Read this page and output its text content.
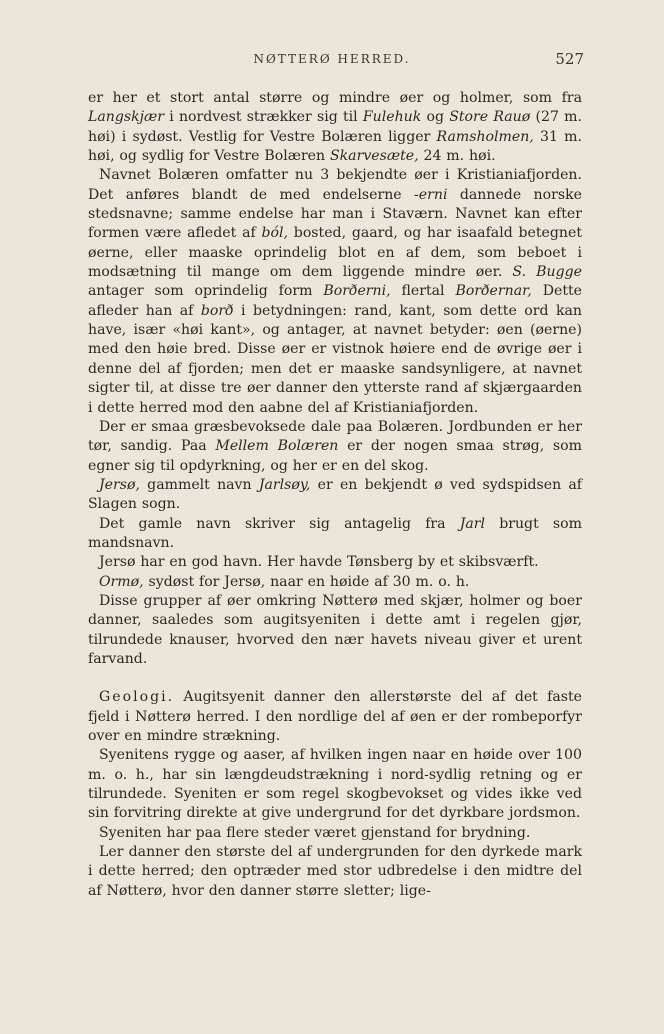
NØTTERØ HERRED.	527

er her et stort antal større og mindre øer og holmer, som fra Langskjær i nordvest strækker sig til Fulehuk og Store Rauø (27 m. høi) i sydøst. Vestlig for Vestre Bolæren ligger Ramsholmen, 31 m. høi, og sydlig for Vestre Bolæren Skarvesæte, 24 m. høi.

Navnet Bolæren omfatter nu 3 bekjendte øer i Kristianiafjorden. Det anføres blandt de med endelserne -erni dannede norske stedsnavne; samme endelse har man i Staværn. Navnet kan efter formen være afledet af ból, bosted, gaard, og har isaafald betegnet øerne, eller maaske oprindelig blot en af dem, som beboet i modsætning til mange om dem liggende mindre øer. S. Bugge antager som oprindelig form Borðerni, flertal Borðernar, Dette afleder han af borð i betydningen: rand, kant, som dette ord kan have, især «høi kant», og antager, at navnet betyder: øen (øerne) med den høie bred. Disse øer er vistnok høiere end de øvrige øer i denne del af fjorden; men det er maaske sandsynligere, at navnet sigter til, at disse tre øer danner den ytterste rand af skjærgaarden i dette herred mod den aabne del af Kristianiafjorden.

Der er smaa græsbevoksede dale paa Bolæren. Jordbunden er her tør, sandig. Paa Mellem Bolæren er der nogen smaa strøg, som egner sig til opdyrkning, og her er en del skog.

Jersø, gammelt navn Jarlsøy, er en bekjendt ø ved sydspidsen af Slagen sogn.

Det gamle navn skriver sig antagelig fra Jarl brugt som mandsnavn.

Jersø har en god havn. Her havde Tønsberg by et skibsværft.

Ormø, sydøst for Jersø, naar en høide af 30 m. o. h.

Disse grupper af øer omkring Nøtterø med skjær, holmer og boer danner, saaledes som augitsyeniten i dette amt i regelen gjør, tilrundede knauser, hvorved den nær havets niveau giver et urent farvand.

Geologi. Augitsyenit danner den allerstørste del af det faste fjeld i Nøtterø herred. I den nordlige del af øen er der rombeporfyr over en mindre strækning.

Syenitens rygge og aaser, af hvilken ingen naar en høide over 100 m. o. h., har sin længdeudstrækning i nord-sydlig retning og er tilrundede. Syeniten er som regel skogbevokset og vides ikke ved sin forvitring direkte at give undergrund for det dyrkbare jordsmon.

Syeniten har paa flere steder været gjenstand for brydning.

Ler danner den største del af undergrunden for den dyrkede mark i dette herred; den optræder med stor udbredelse i den midtre del af Nøtterø, hvor den danner større sletter; lige-
